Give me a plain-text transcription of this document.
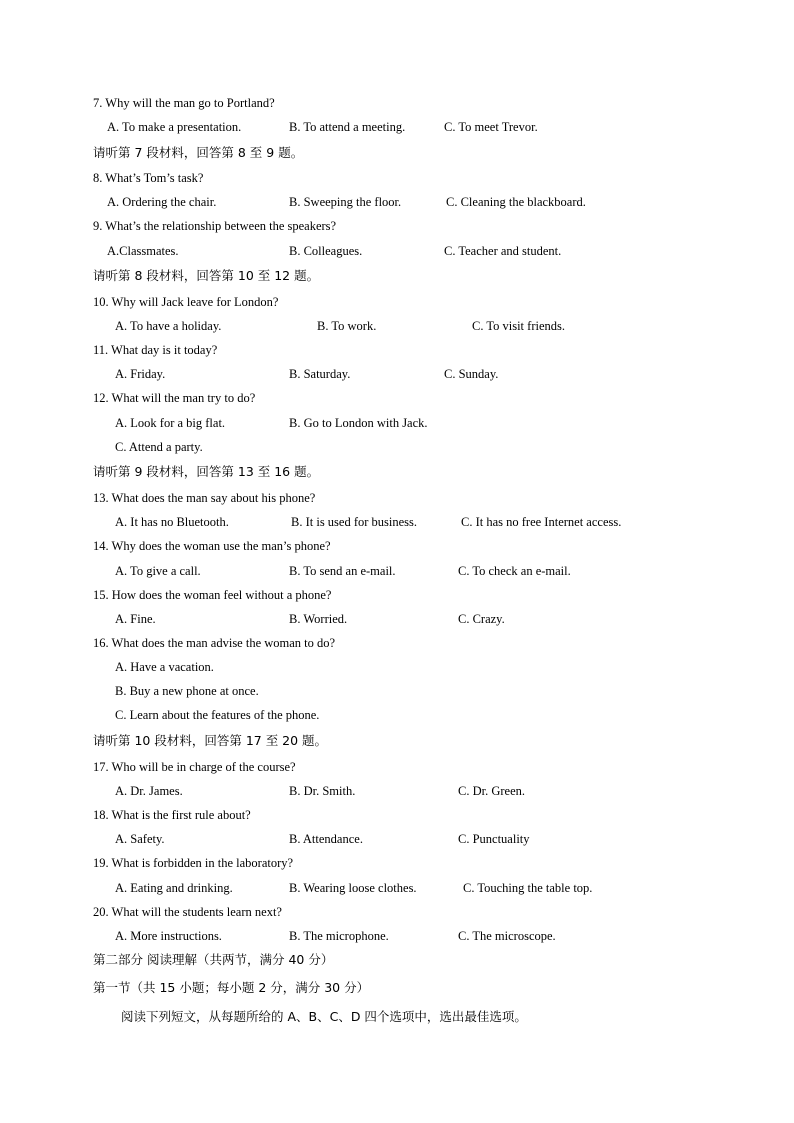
7. Why will the man go to Portland?
A. To make a presentation.	B. To attend a meeting.	C. To meet Trevor.
请听第 7 段材料，回答第 8 至 9 题。
8. What’s Tom’s task?
A. Ordering the chair.	B. Sweeping the floor.	C. Cleaning the blackboard.
9. What’s the relationship between the speakers?
A.Classmates.	B. Colleagues.	C. Teacher and student.
请听第 8 段材料，回答第 10 至 12 题。
10. Why will Jack leave for London?
A. To have a holiday.	B. To work.	C. To visit friends.
11. What day is it today?
A. Friday.	B. Saturday.	C. Sunday.
12. What will the man try to do?
A. Look for a big flat.	B. Go to London with Jack.
C. Attend a party.
请听第 9 段材料，回答第 13 至 16 题。
13. What does the man say about his phone?
A. It has no Bluetooth.	B. It is used for business.	C. It has no free Internet access.
14. Why does the woman use the man’s phone?
A. To give a call.	B. To send an e-mail.	C. To check an e-mail.
15. How does the woman feel without a phone?
A. Fine.	B. Worried.	C. Crazy.
16. What does the man advise the woman to do?
A. Have a vacation.
B. Buy a new phone at once.
C. Learn about the features of the phone.
请听第 10 段材料，回答第 17 至 20 题。
17. Who will be in charge of the course?
A. Dr. James.	B. Dr. Smith.	C. Dr. Green.
18. What is the first rule about?
A. Safety.	B. Attendance.	C. Punctuality
19. What is forbidden in the laboratory?
A. Eating and drinking.	B. Wearing loose clothes.	C. Touching the table top.
20. What will the students learn next?
A. More instructions.	B. The microphone.	C. The microscope.
第二部分 阅读理解（共两节，满分 40 分）
第一节（共 15 小题；每小题 2 分，满分 30 分）
阅读下列短文，从每题所给的 A、B、C、D 四个选项中，选出最佳选项。
